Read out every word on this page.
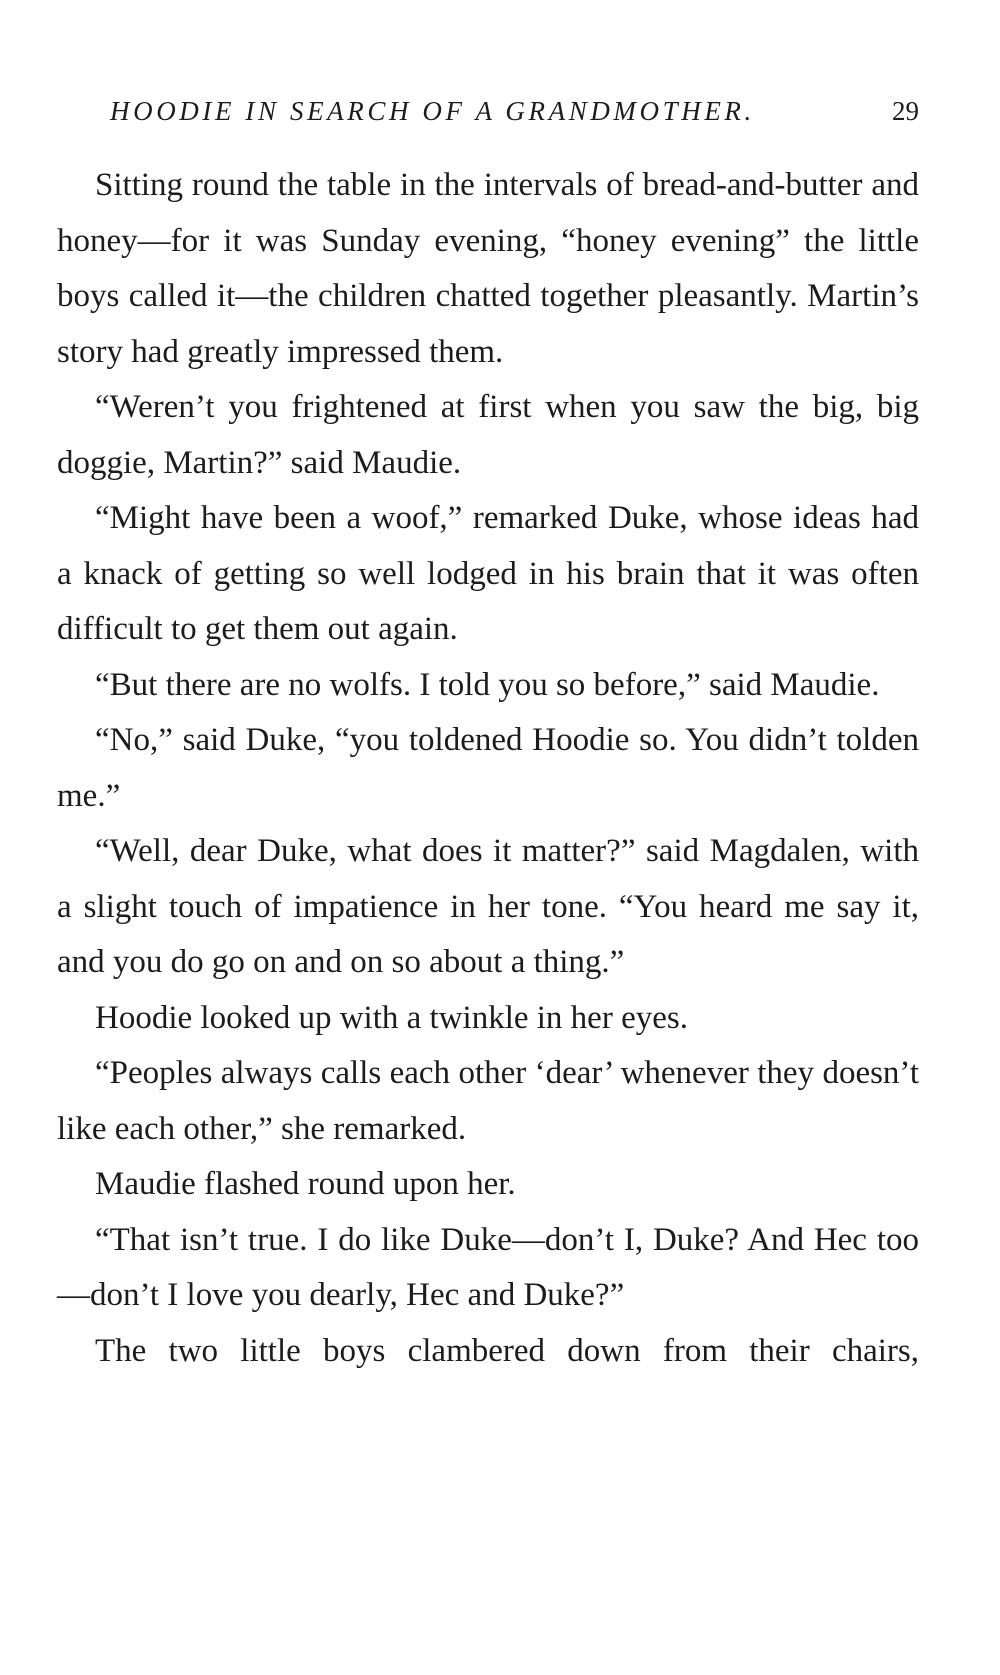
HOODIE IN SEARCH OF A GRANDMOTHER.	29

Sitting round the table in the intervals of bread-and-butter and honey—for it was Sunday evening, “honey evening” the little boys called it—the children chatted together pleasantly. Martin’s story had greatly impressed them.

“Weren’t you frightened at first when you saw the big, big doggie, Martin?” said Maudie.

“Might have been a woof,” remarked Duke, whose ideas had a knack of getting so well lodged in his brain that it was often difficult to get them out again.

“But there are no wolfs. I told you so before,” said Maudie.

“No,” said Duke, “you toldened Hoodie so. You didn’t tolden me.”

“Well, dear Duke, what does it matter?” said Magdalen, with a slight touch of impatience in her tone. “You heard me say it, and you do go on and on so about a thing.”

Hoodie looked up with a twinkle in her eyes.

“Peoples always calls each other ‘dear’ whenever they doesn’t like each other,” she remarked.

Maudie flashed round upon her.

“That isn’t true. I do like Duke—don’t I, Duke? And Hec too—don’t I love you dearly, Hec and Duke?”

The two little boys clambered down from their chairs,
